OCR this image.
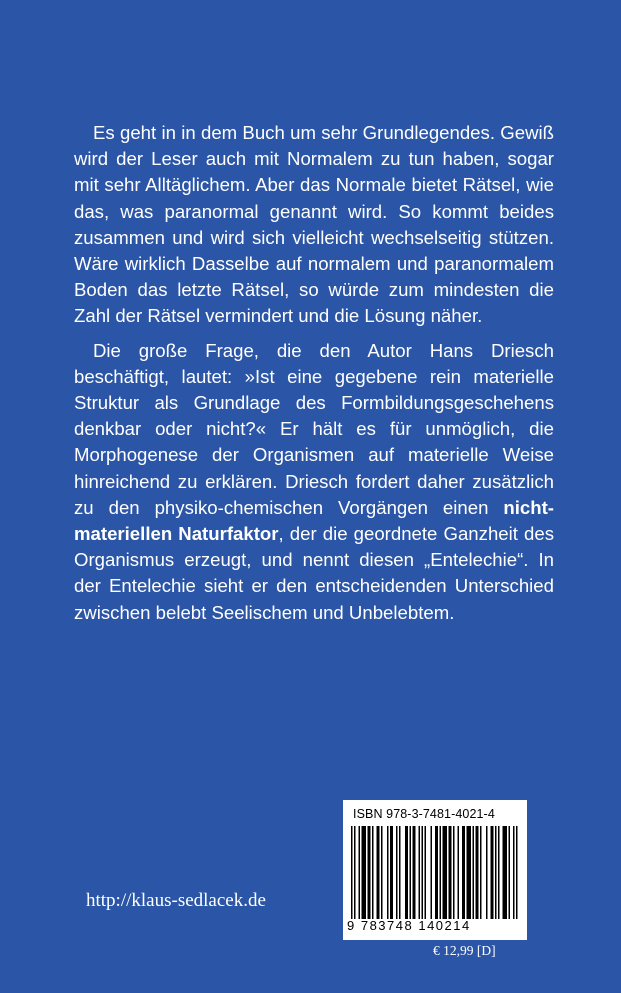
Es geht in in dem Buch um sehr Grundlegendes. Gewiß wird der Leser auch mit Normalem zu tun haben, sogar mit sehr Alltäglichem. Aber das Normale bietet Rätsel, wie das, was paranormal genannt wird. So kommt beides zusammen und wird sich vielleicht wechselseitig stützen. Wäre wirklich Dasselbe auf normalem und paranormalem Boden das letzte Rätsel, so würde zum mindesten die Zahl der Rätsel vermindert und die Lösung näher.

Die große Frage, die den Autor Hans Driesch beschäftigt, lautet: »Ist eine gegebene rein materielle Struktur als Grundlage des Formbildungsgeschehens denkbar oder nicht?« Er hält es für unmöglich, die Morphogenese der Organismen auf materielle Weise hinreichend zu erklären. Driesch fordert daher zusätzlich zu den physiko-chemischen Vorgängen einen nicht-materiellen Naturfaktor, der die geordnete Ganzheit des Organismus erzeugt, und nennt diesen „Entelechie“. In der Entelechie sieht er den entscheidenden Unterschied zwischen belebt Seelischem und Unbelebtem.

http://klaus-sedlacek.de
ISBN 978-3-7481-4021-4
9 783748 140214
€ 12,99 [D]
